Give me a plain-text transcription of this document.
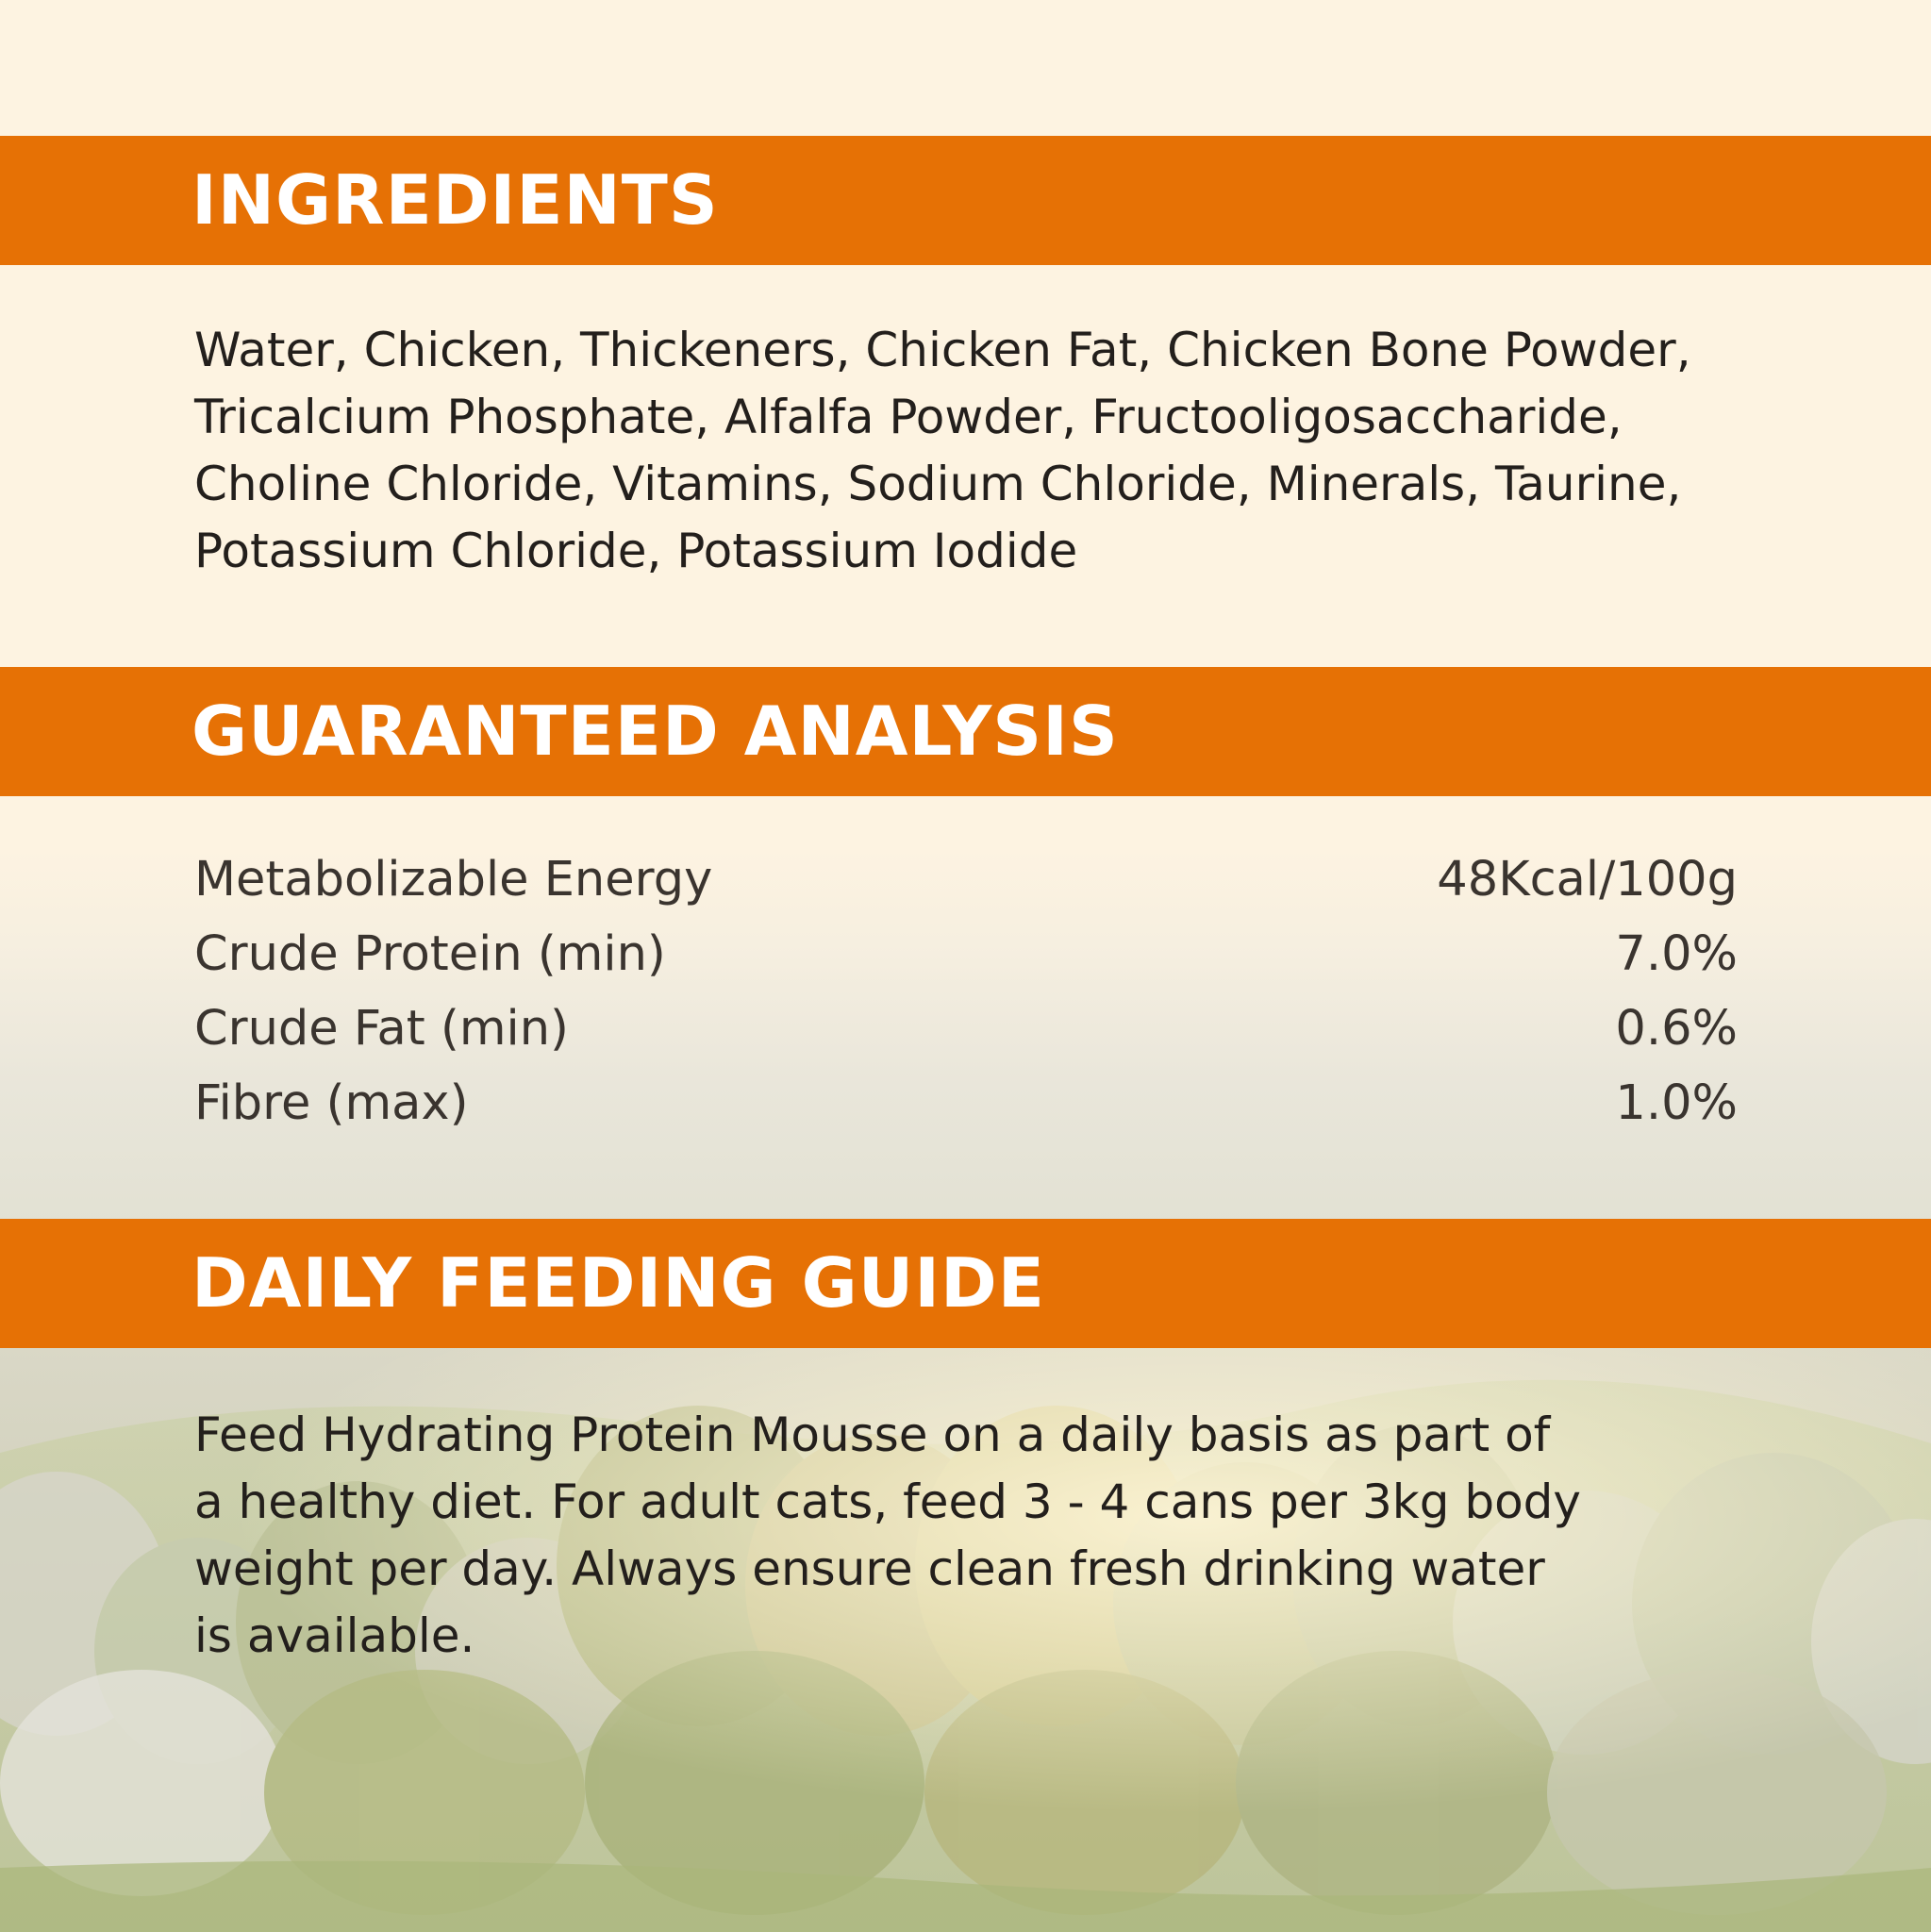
INGREDIENTS

Water, Chicken, Thickeners, Chicken Fat, Chicken Bone Powder,
Tricalcium Phosphate, Alfalfa Powder, Fructooligosaccharide,
Choline Chloride, Vitamins, Sodium Chloride, Minerals, Taurine,
Potassium Chloride, Potassium Iodide

GUARANTEED ANALYSIS
Metabolizable Energy	48Kcal/100g
Crude Protein (min)	7.0%
Crude Fat (min)	0.6%
Fibre (max)	1.0%
DAILY FEEDING GUIDE

Feed Hydrating Protein Mousse on a daily basis as part of
a healthy diet. For adult cats, feed 3 - 4 cans per 3kg body
weight per day. Always ensure clean fresh drinking water
is available.
